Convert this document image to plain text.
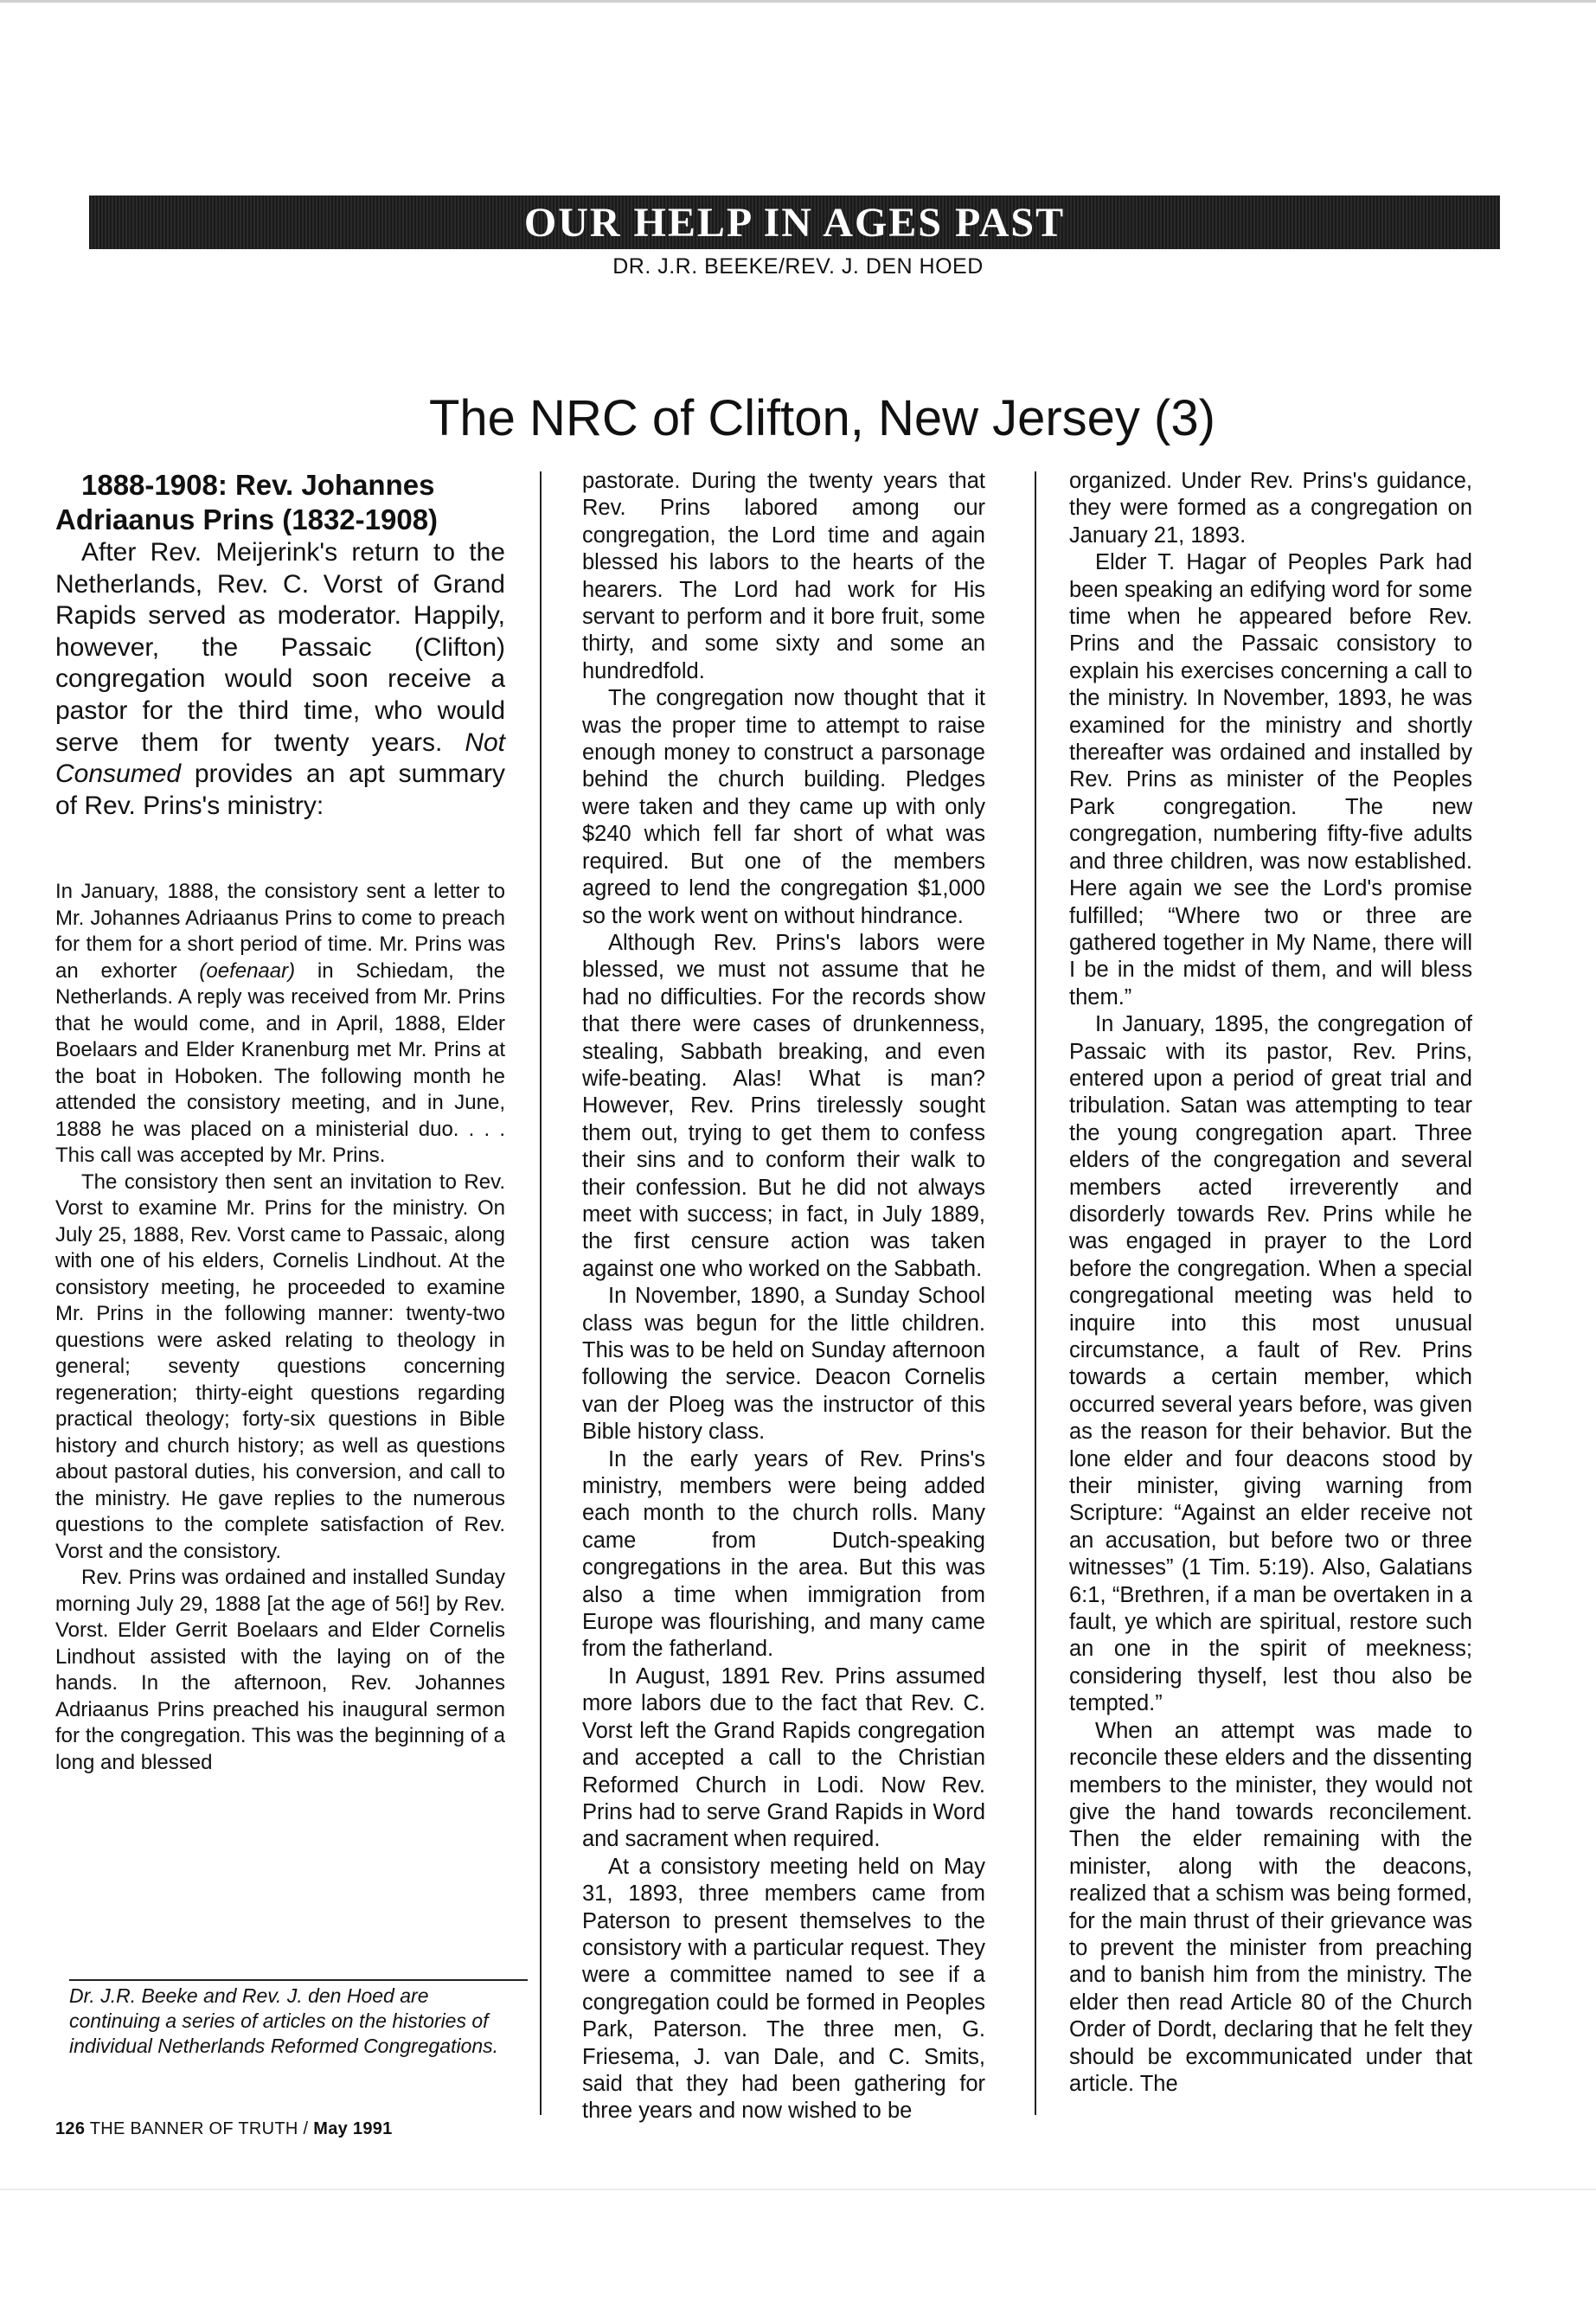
OUR HELP IN AGES PAST
DR. J.R. BEEKE/REV. J. DEN HOED
The NRC of Clifton, New Jersey (3)

1888-1908: Rev. Johannes Adriaanus Prins (1832-1908)

After Rev. Meijerink's return to the Netherlands, Rev. C. Vorst of Grand Rapids served as moderator. Happily, however, the Passaic (Clifton) congregation would soon receive a pastor for the third time, who would serve them for twenty years. Not Consumed provides an apt summary of Rev. Prins's ministry:

In January, 1888, the consistory sent a letter to Mr. Johannes Adriaanus Prins to come to preach for them for a short period of time. Mr. Prins was an exhorter (oefenaar) in Schiedam, the Netherlands. A reply was received from Mr. Prins that he would come, and in April, 1888, Elder Boelaars and Elder Kranenburg met Mr. Prins at the boat in Hoboken. The following month he attended the consistory meeting, and in June, 1888 he was placed on a ministerial duo. . . . This call was accepted by Mr. Prins.

The consistory then sent an invitation to Rev. Vorst to examine Mr. Prins for the ministry. On July 25, 1888, Rev. Vorst came to Passaic, along with one of his elders, Cornelis Lindhout. At the consistory meeting, he proceeded to examine Mr. Prins in the following manner: twenty-two questions were asked relating to theology in general; seventy questions concerning regeneration; thirty-eight questions regarding practical theology; forty-six questions in Bible history and church history; as well as questions about pastoral duties, his conversion, and call to the ministry. He gave replies to the numerous questions to the complete satisfaction of Rev. Vorst and the consistory.

Rev. Prins was ordained and installed Sunday morning July 29, 1888 [at the age of 56!] by Rev. Vorst. Elder Gerrit Boelaars and Elder Cornelis Lindhout assisted with the laying on of the hands. In the afternoon, Rev. Johannes Adriaanus Prins preached his inaugural sermon for the congregation. This was the beginning of a long and blessed

pastorate. During the twenty years that Rev. Prins labored among our congregation, the Lord time and again blessed his labors to the hearts of the hearers. The Lord had work for His servant to perform and it bore fruit, some thirty, and some sixty and some an hundredfold.

The congregation now thought that it was the proper time to attempt to raise enough money to construct a parsonage behind the church building. Pledges were taken and they came up with only $240 which fell far short of what was required. But one of the members agreed to lend the congregation $1,000 so the work went on without hindrance.

Although Rev. Prins's labors were blessed, we must not assume that he had no difficulties. For the records show that there were cases of drunkenness, stealing, Sabbath breaking, and even wife-beating. Alas! What is man? However, Rev. Prins tirelessly sought them out, trying to get them to confess their sins and to conform their walk to their confession. But he did not always meet with success; in fact, in July 1889, the first censure action was taken against one who worked on the Sabbath.

In November, 1890, a Sunday School class was begun for the little children. This was to be held on Sunday afternoon following the service. Deacon Cornelis van der Ploeg was the instructor of this Bible history class.

In the early years of Rev. Prins's ministry, members were being added each month to the church rolls. Many came from Dutch-speaking congregations in the area. But this was also a time when immigration from Europe was flourishing, and many came from the fatherland.

In August, 1891 Rev. Prins assumed more labors due to the fact that Rev. C. Vorst left the Grand Rapids congregation and accepted a call to the Christian Reformed Church in Lodi. Now Rev. Prins had to serve Grand Rapids in Word and sacrament when required.

At a consistory meeting held on May 31, 1893, three members came from Paterson to present themselves to the consistory with a particular request. They were a committee named to see if a congregation could be formed in Peoples Park, Paterson. The three men, G. Friesema, J. van Dale, and C. Smits, said that they had been gathering for three years and now wished to be

organized. Under Rev. Prins's guidance, they were formed as a congregation on January 21, 1893.

Elder T. Hagar of Peoples Park had been speaking an edifying word for some time when he appeared before Rev. Prins and the Passaic consistory to explain his exercises concerning a call to the ministry. In November, 1893, he was examined for the ministry and shortly thereafter was ordained and installed by Rev. Prins as minister of the Peoples Park congregation. The new congregation, numbering fifty-five adults and three children, was now established. Here again we see the Lord's promise fulfilled; “Where two or three are gathered together in My Name, there will I be in the midst of them, and will bless them.”

In January, 1895, the congregation of Passaic with its pastor, Rev. Prins, entered upon a period of great trial and tribulation. Satan was attempting to tear the young congregation apart. Three elders of the congregation and several members acted irreverently and disorderly towards Rev. Prins while he was engaged in prayer to the Lord before the congregation. When a special congregational meeting was held to inquire into this most unusual circumstance, a fault of Rev. Prins towards a certain member, which occurred several years before, was given as the reason for their behavior. But the lone elder and four deacons stood by their minister, giving warning from Scripture: “Against an elder receive not an accusation, but before two or three witnesses” (1 Tim. 5:19). Also, Galatians 6:1, “Brethren, if a man be overtaken in a fault, ye which are spiritual, restore such an one in the spirit of meekness; considering thyself, lest thou also be tempted.”

When an attempt was made to reconcile these elders and the dissenting members to the minister, they would not give the hand towards reconcilement. Then the elder remaining with the minister, along with the deacons, realized that a schism was being formed, for the main thrust of their grievance was to prevent the minister from preaching and to banish him from the ministry. The elder then read Article 80 of the Church Order of Dordt, declaring that he felt they should be excommunicated under that article. The

Dr. J.R. Beeke and Rev. J. den Hoed are continuing a series of articles on the histories of individual Netherlands Reformed Congregations.
126 THE BANNER OF TRUTH / May 1991
